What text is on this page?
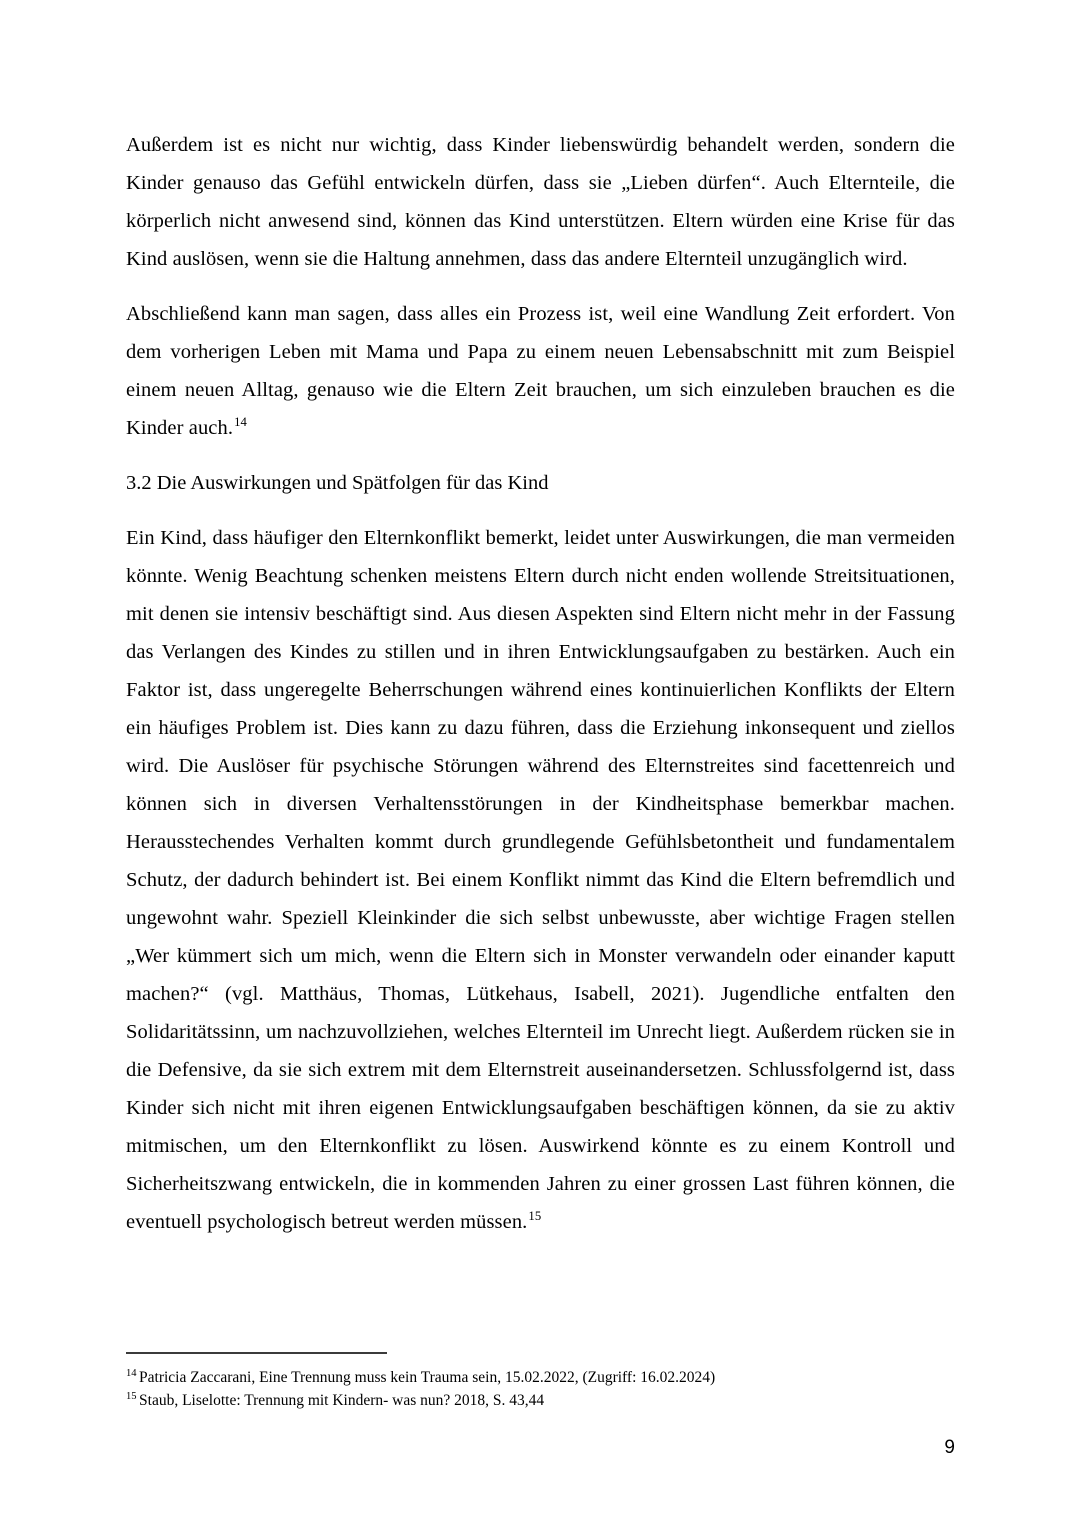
Außerdem ist es nicht nur wichtig, dass Kinder liebenswürdig behandelt werden, sondern die Kinder genauso das Gefühl entwickeln dürfen, dass sie „Lieben dürfen“. Auch Elternteile, die körperlich nicht anwesend sind, können das Kind unterstützen. Eltern würden eine Krise für das Kind auslösen, wenn sie die Haltung annehmen, dass das andere Elternteil unzugänglich wird.

Abschließend kann man sagen, dass alles ein Prozess ist, weil eine Wandlung Zeit erfordert. Von dem vorherigen Leben mit Mama und Papa zu einem neuen Lebensabschnitt mit zum Beispiel einem neuen Alltag, genauso wie die Eltern Zeit brauchen, um sich einzuleben brauchen es die Kinder auch.$^{14}$

3.2 Die Auswirkungen und Spätfolgen für das Kind

Ein Kind, dass häufiger den Elternkonflikt bemerkt, leidet unter Auswirkungen, die man vermeiden könnte. Wenig Beachtung schenken meistens Eltern durch nicht enden wollende Streitsituationen, mit denen sie intensiv beschäftigt sind. Aus diesen Aspekten sind Eltern nicht mehr in der Fassung das Verlangen des Kindes zu stillen und in ihren Entwicklungsaufgaben zu bestärken. Auch ein Faktor ist, dass ungeregelte Beherrschungen während eines kontinuierlichen Konflikts der Eltern ein häufiges Problem ist. Dies kann zu dazu führen, dass die Erziehung inkonsequent und ziellos wird. Die Auslöser für psychische Störungen während des Elternstreites sind facettenreich und können sich in diversen Verhaltensstörungen in der Kindheitsphase bemerkbar machen. Herausstechendes Verhalten kommt durch grundlegende Gefühlsbetontheit und fundamentalem Schutz, der dadurch behindert ist. Bei einem Konflikt nimmt das Kind die Eltern befremdlich und ungewohnt wahr. Speziell Kleinkinder die sich selbst unbewusste, aber wichtige Fragen stellen „Wer kümmert sich um mich, wenn die Eltern sich in Monster verwandeln oder einander kaputt machen?“ (vgl. Matthäus, Thomas, Lütkehaus, Isabell, 2021). Jugendliche entfalten den Solidaritätssinn, um nachzuvollziehen, welches Elternteil im Unrecht liegt. Außerdem rücken sie in die Defensive, da sie sich extrem mit dem Elternstreit auseinandersetzen. Schlussfolgernd ist, dass Kinder sich nicht mit ihren eigenen Entwicklungsaufgaben beschäftigen können, da sie zu aktiv mitmischen, um den Elternkonflikt zu lösen. Auswirkend könnte es zu einem Kontroll und Sicherheitszwang entwickeln, die in kommenden Jahren zu einer grossen Last führen können, die eventuell psychologisch betreut werden müssen.$^{15}$

$^{14}$ Patricia Zaccarani, Eine Trennung muss kein Trauma sein, 15.02.2022, (Zugriff: 16.02.2024)
$^{15}$ Staub, Liselotte: Trennung mit Kindern- was nun? 2018, S. 43,44
9
